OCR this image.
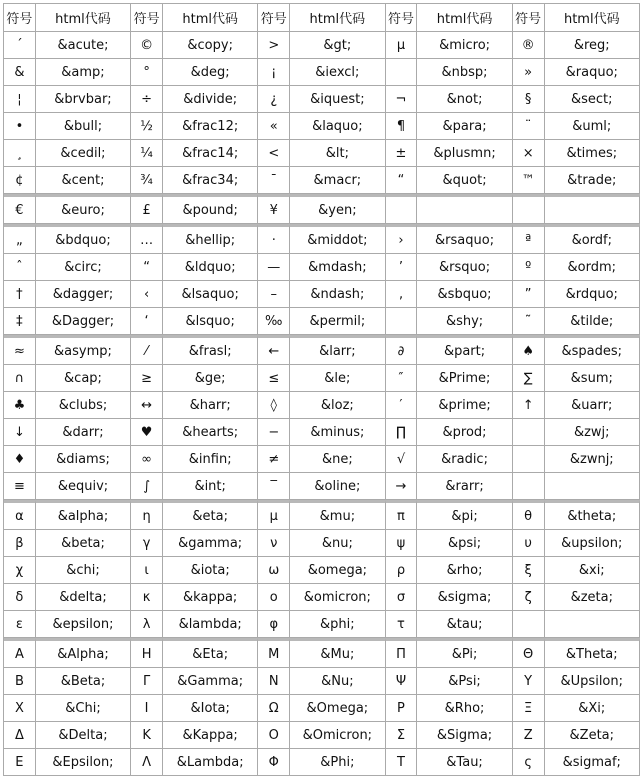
符号	html代码	符号	html代码	符号	html代码	符号	html代码	符号	html代码
´	&acute;	©	&copy;	>	&gt;	µ	&micro;	®	&reg;
&	&amp;	°	&deg;	¡	&iexcl;		&nbsp;	»	&raquo;
¦	&brvbar;	÷	&divide;	¿	&iquest;	¬	&not;	§	&sect;
•	&bull;	½	&frac12;	«	&laquo;	¶	&para;	¨	&uml;
¸	&cedil;	¼	&frac14;	<	&lt;	±	&plusmn;	×	&times;
¢	&cent;	¾	&frac34;	¯	&macr;	“	&quot;	™	&trade;
€	&euro;	£	&pound;	¥	&yen;				
„	&bdquo;	…	&hellip;	·	&middot;	›	&rsaquo;	ª	&ordf;
ˆ	&circ;	“	&ldquo;	—	&mdash;	’	&rsquo;	º	&ordm;
†	&dagger;	‹	&lsaquo;	–	&ndash;	‚	&sbquo;	”	&rdquo;
‡	&Dagger;	‘	&lsquo;	‰	&permil;		&shy;	˜	&tilde;
≈	&asymp;	⁄	&frasl;	←	&larr;	∂	&part;	♠	&spades;
∩	&cap;	≥	&ge;	≤	&le;	″	&Prime;	∑	&sum;
♣	&clubs;	↔	&harr;	◊	&loz;	′	&prime;	↑	&uarr;
↓	&darr;	♥	&hearts;	−	&minus;	∏	&prod;		&zwj;
♦	&diams;	∞	&infin;	≠	&ne;	√	&radic;		&zwnj;
≡	&equiv;	∫	&int;	‾	&oline;	→	&rarr;		
α	&alpha;	η	&eta;	μ	&mu;	π	&pi;	θ	&theta;
β	&beta;	γ	&gamma;	ν	&nu;	ψ	&psi;	υ	&upsilon;
χ	&chi;	ι	&iota;	ω	&omega;	ρ	&rho;	ξ	&xi;
δ	&delta;	κ	&kappa;	ο	&omicron;	σ	&sigma;	ζ	&zeta;
ε	&epsilon;	λ	&lambda;	φ	&phi;	τ	&tau;		
Α	&Alpha;	Η	&Eta;	Μ	&Mu;	Π	&Pi;	Θ	&Theta;
Β	&Beta;	Γ	&Gamma;	Ν	&Nu;	Ψ	&Psi;	Υ	&Upsilon;
Χ	&Chi;	Ι	&Iota;	Ω	&Omega;	Ρ	&Rho;	Ξ	&Xi;
Δ	&Delta;	Κ	&Kappa;	Ο	&Omicron;	Σ	&Sigma;	Ζ	&Zeta;
Ε	&Epsilon;	Λ	&Lambda;	Φ	&Phi;	Τ	&Tau;	ς	&sigmaf;
